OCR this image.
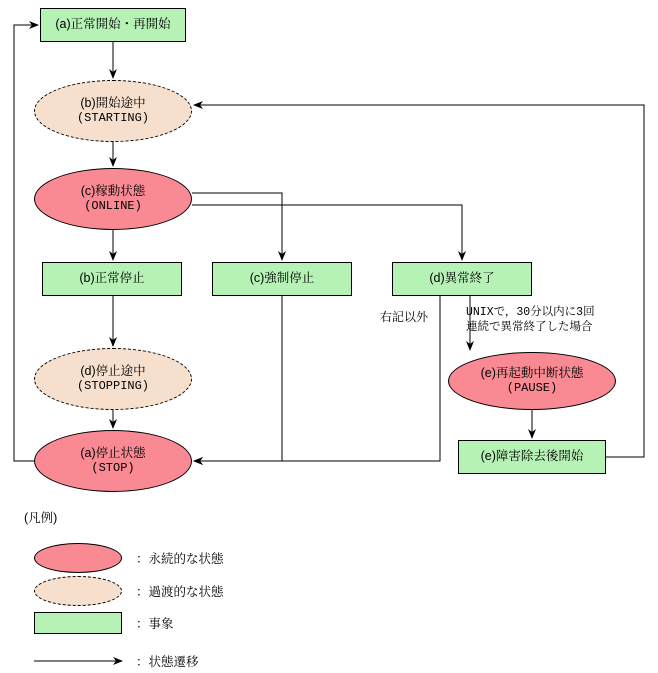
(a)正常開始・再開始
(b)開始途中
(STARTING)
(c)稼動状態
(ONLINE)
(b)正常停止	(c)強制停止	(d)異常終了
(d)停止途中
(STOPPING)
(a)停止状態
(STOP)
(e)再起動中断状態
(PAUSE)
(e)障害除去後開始
右記以外	UNIXで，30分以内に3回
連続で異常終了した場合
(凡例)
：永続的な状態
：過渡的な状態
：事象
：状態遷移
